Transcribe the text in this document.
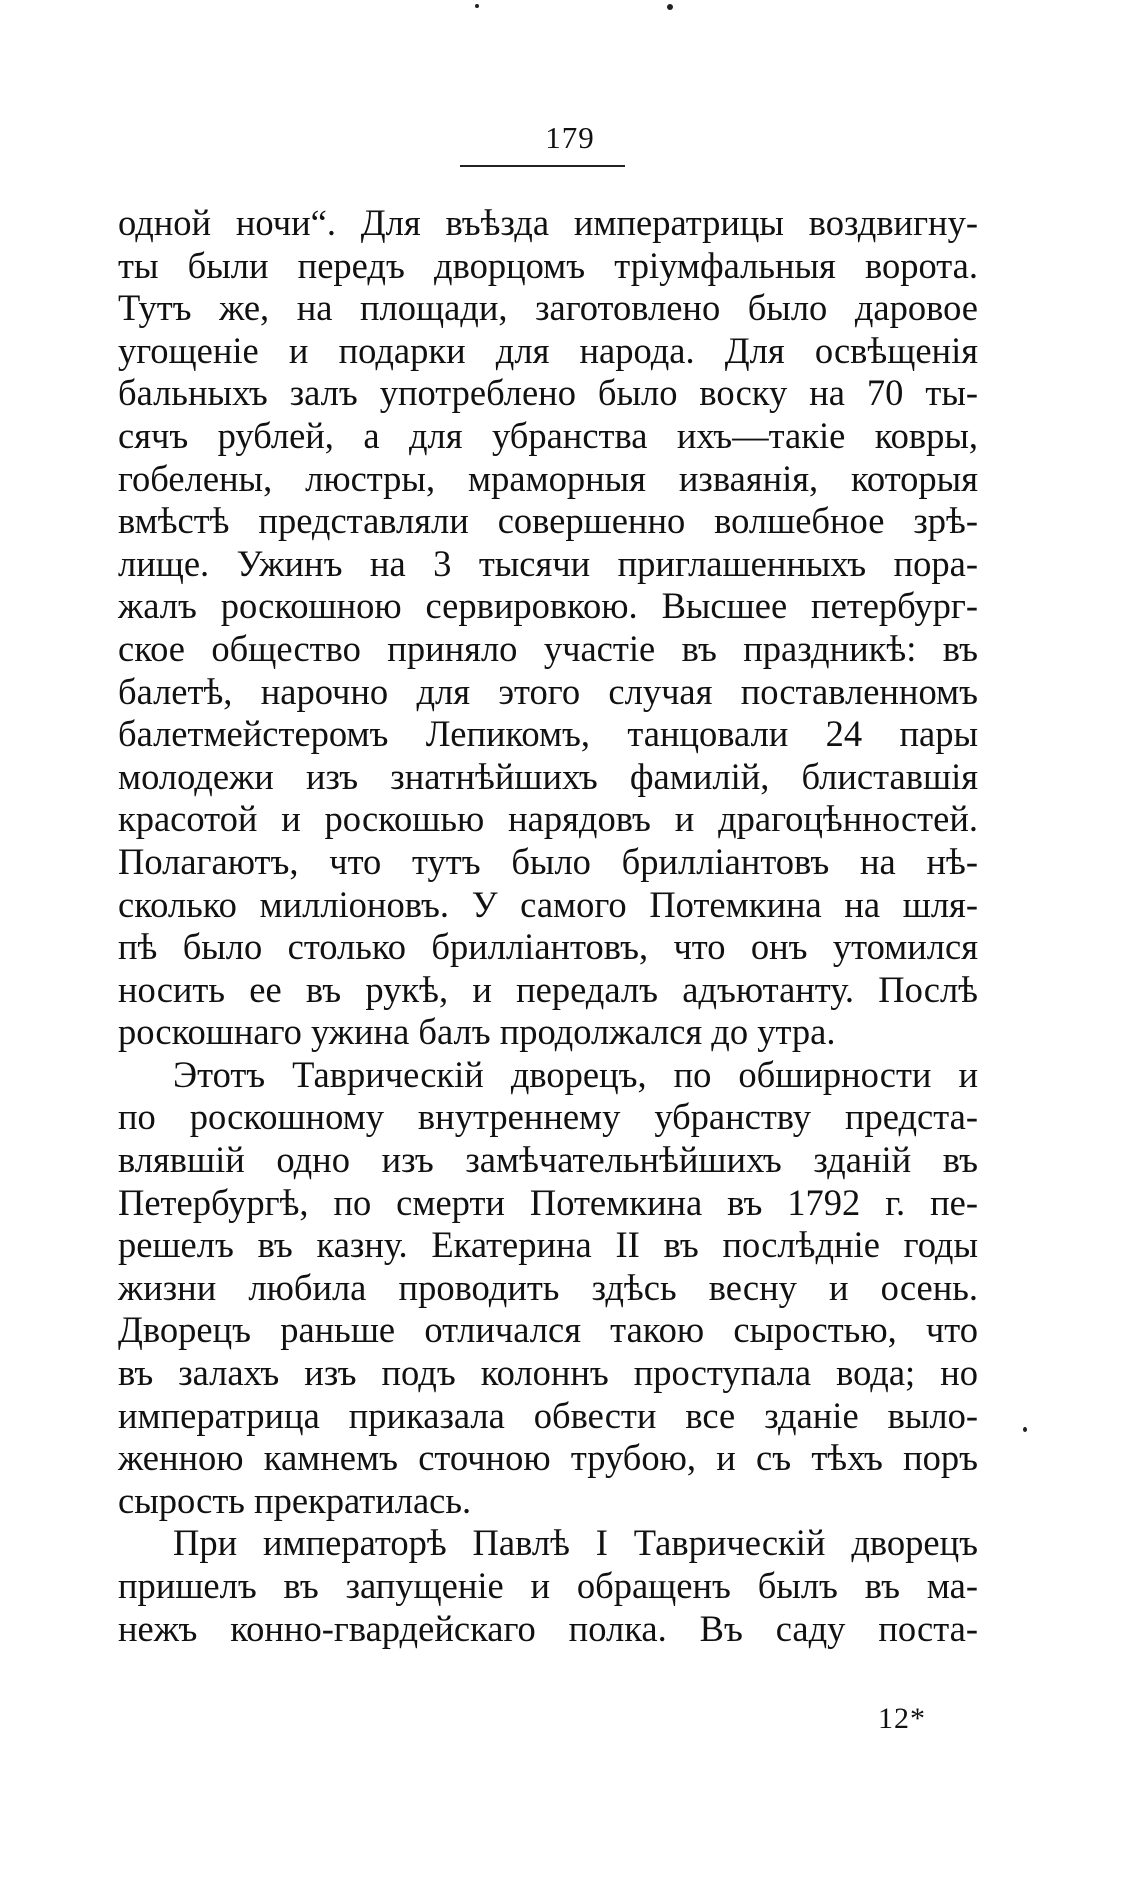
179
одной ночи“. Для въѣзда императрицы воздвигну-
ты были передъ дворцомъ тріумфальныя ворота.
Тутъ же, на площади, заготовлено было даровое
угощеніе и подарки для народа. Для освѣщенія
бальныхъ залъ употреблено было воску на 70 ты-
сячъ рублей, а для убранства ихъ—такіе ковры,
гобелены, люстры, мраморныя изваянія, которыя
вмѣстѣ представляли совершенно волшебное зрѣ-
лище. Ужинъ на 3 тысячи приглашенныхъ пора-
жалъ роскошною сервировкою. Высшее петербург-
ское общество приняло участіе въ праздникѣ: въ
балетѣ, нарочно для этого случая поставленномъ
балетмейстеромъ Лепикомъ, танцовали 24 пары
молодежи изъ знатнѣйшихъ фамилій, блиставшія
красотой и роскошью нарядовъ и драгоцѣнностей.
Полагаютъ, что тутъ было бриллiантовъ на нѣ-
сколько милліоновъ. У самого Потемкина на шля-
пѣ было столько бриллiантовъ, что онъ утомился
носить ее въ рукѣ, и передалъ адъютанту. Послѣ
роскошнаго ужина балъ продолжался до утра.
Этотъ Таврическій дворецъ, по обширности и
по роскошному внутреннему убранству предста-
влявшій одно изъ замѣчательнѣйшихъ зданій въ
Петербургѣ, по смерти Потемкина въ 1792 г. пе-
решелъ въ казну. Екатерина II въ послѣдніе годы
жизни любила проводить здѣсь весну и осень.
Дворецъ раньше отличался такою сыростью, что
въ залахъ изъ подъ колоннъ проступала вода; но
императрица приказала обвести все зданіе выло-
женною камнемъ сточною трубою, и съ тѣхъ поръ
сырость прекратилась.
При императорѣ Павлѣ I Таврическій дворецъ
пришелъ въ запущеніе и обращенъ былъ въ ма-
нежъ конно-гвардейскаго полка. Въ саду поста-
12*
